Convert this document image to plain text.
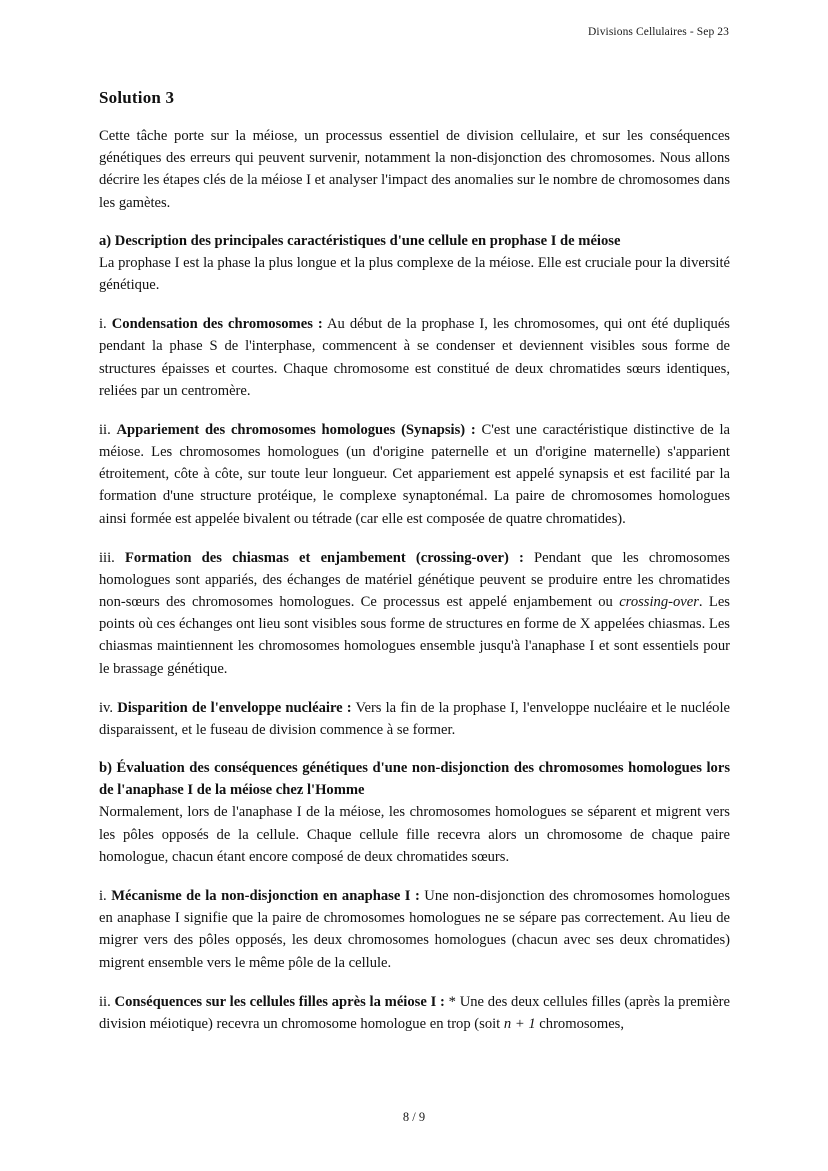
Divisions Cellulaires - Sep 23
Solution 3

Cette tâche porte sur la méiose, un processus essentiel de division cellulaire, et sur les conséquences génétiques des erreurs qui peuvent survenir, notamment la non-disjonction des chromosomes. Nous allons décrire les étapes clés de la méiose I et analyser l'impact des anomalies sur le nombre de chromosomes dans les gamètes.

a) Description des principales caractéristiques d'une cellule en prophase I de méiose

La prophase I est la phase la plus longue et la plus complexe de la méiose. Elle est cruciale pour la diversité génétique.

i. Condensation des chromosomes : Au début de la prophase I, les chromosomes, qui ont été dupliqués pendant la phase S de l'interphase, commencent à se condenser et deviennent visibles sous forme de structures épaisses et courtes. Chaque chromosome est constitué de deux chromatides sœurs identiques, reliées par un centromère.

ii. Appariement des chromosomes homologues (Synapsis) : C'est une caractéristique distinctive de la méiose. Les chromosomes homologues (un d'origine paternelle et un d'origine maternelle) s'apparient étroitement, côte à côte, sur toute leur longueur. Cet appariement est appelé synapsis et est facilité par la formation d'une structure protéique, le complexe synaptonémal. La paire de chromosomes homologues ainsi formée est appelée bivalent ou tétrade (car elle est composée de quatre chromatides).

iii. Formation des chiasmas et enjambement (crossing-over) : Pendant que les chromosomes homologues sont appariés, des échanges de matériel génétique peuvent se produire entre les chromatides non-sœurs des chromosomes homologues. Ce processus est appelé enjambement ou crossing-over. Les points où ces échanges ont lieu sont visibles sous forme de structures en forme de X appelées chiasmas. Les chiasmas maintiennent les chromosomes homologues ensemble jusqu'à l'anaphase I et sont essentiels pour le brassage génétique.

iv. Disparition de l'enveloppe nucléaire : Vers la fin de la prophase I, l'enveloppe nucléaire et le nucléole disparaissent, et le fuseau de division commence à se former.

b) Évaluation des conséquences génétiques d'une non-disjonction des chromosomes homologues lors de l'anaphase I de la méiose chez l'Homme

Normalement, lors de l'anaphase I de la méiose, les chromosomes homologues se séparent et migrent vers les pôles opposés de la cellule. Chaque cellule fille recevra alors un chromosome de chaque paire homologue, chacun étant encore composé de deux chromatides sœurs.

i. Mécanisme de la non-disjonction en anaphase I : Une non-disjonction des chromosomes homologues en anaphase I signifie que la paire de chromosomes homologues ne se sépare pas correctement. Au lieu de migrer vers des pôles opposés, les deux chromosomes homologues (chacun avec ses deux chromatides) migrent ensemble vers le même pôle de la cellule.

ii. Conséquences sur les cellules filles après la méiose I : * Une des deux cellules filles (après la première division méiotique) recevra un chromosome homologue en trop (soit n + 1 chromosomes,

8 / 9
